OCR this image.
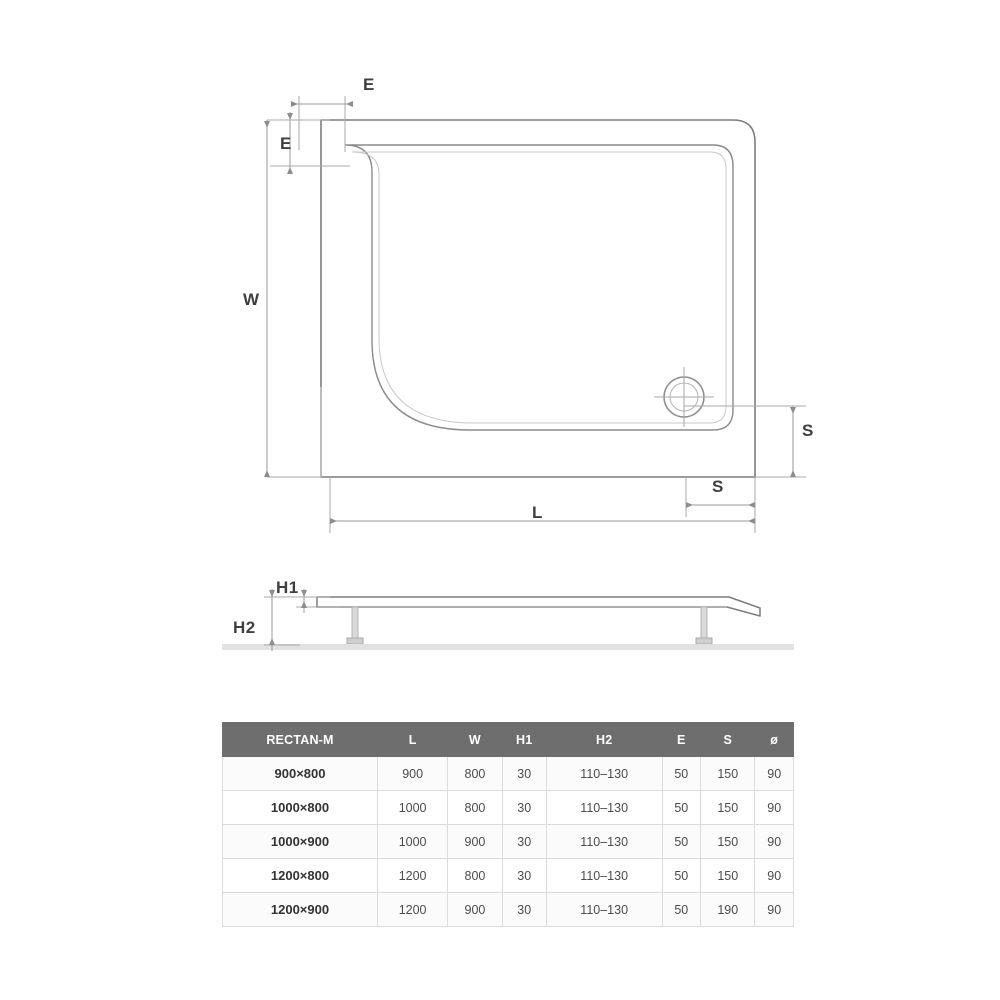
E
E
W
L
S
S
H1
H2
RECTAN-M	L	W	H1	H2	E	S	ø
900×800	900	800	30	110–130	50	150	90
1000×800	1000	800	30	110–130	50	150	90
1000×900	1000	900	30	110–130	50	150	90
1200×800	1200	800	30	110–130	50	150	90
1200×900	1200	900	30	110–130	50	190	90
